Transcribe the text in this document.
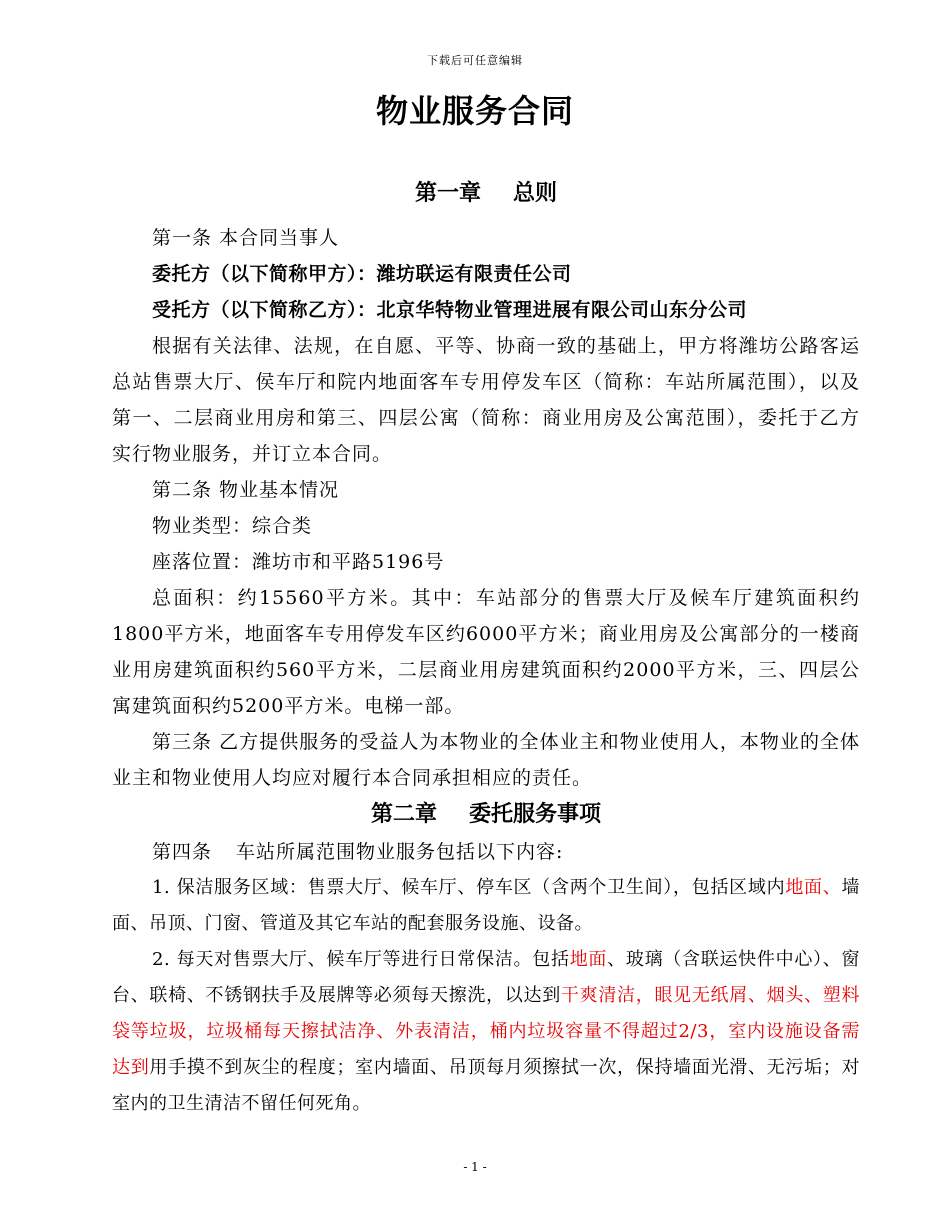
下载后可任意编辑
物业服务合同
第一章 总则

第一条 本合同当事人

委托方（以下简称甲方）：潍坊联运有限责任公司

受托方（以下简称乙方）：北京华特物业管理进展有限公司山东分公司

根据有关法律、法规，在自愿、平等、协商一致的基础上，甲方将潍坊公路客运总站售票大厅、侯车厅和院内地面客车专用停发车区（简称：车站所属范围），以及第一、二层商业用房和第三、四层公寓（简称：商业用房及公寓范围），委托于乙方实行物业服务，并订立本合同。

第二条 物业基本情况

物业类型：综合类

座落位置：潍坊市和平路5196号

总面积：约15560平方米。其中：车站部分的售票大厅及候车厅建筑面积约1800平方米，地面客车专用停发车区约6000平方米；商业用房及公寓部分的一楼商业用房建筑面积约560平方米，二层商业用房建筑面积约2000平方米，三、四层公寓建筑面积约5200平方米。电梯一部。

第三条 乙方提供服务的受益人为本物业的全体业主和物业使用人，本物业的全体业主和物业使用人均应对履行本合同承担相应的责任。

第二章 委托服务事项

第四条 车站所属范围物业服务包括以下内容:

1. 保洁服务区域：售票大厅、候车厅、停车区（含两个卫生间），包括区域内地面、墙面、吊顶、门窗、管道及其它车站的配套服务设施、设备。

2. 每天对售票大厅、候车厅等进行日常保洁。包括地面、玻璃（含联运快件中心）、窗台、联椅、不锈钢扶手及展牌等必须每天擦洗，以达到干爽清洁，眼见无纸屑、烟头、塑料袋等垃圾，垃圾桶每天擦拭洁净、外表清洁，桶内垃圾容量不得超过2/3，室内设施设备需达到用手摸不到灰尘的程度；室内墙面、吊顶每月须擦拭一次，保持墙面光滑、无污垢；对室内的卫生清洁不留任何死角。

- 1 -
